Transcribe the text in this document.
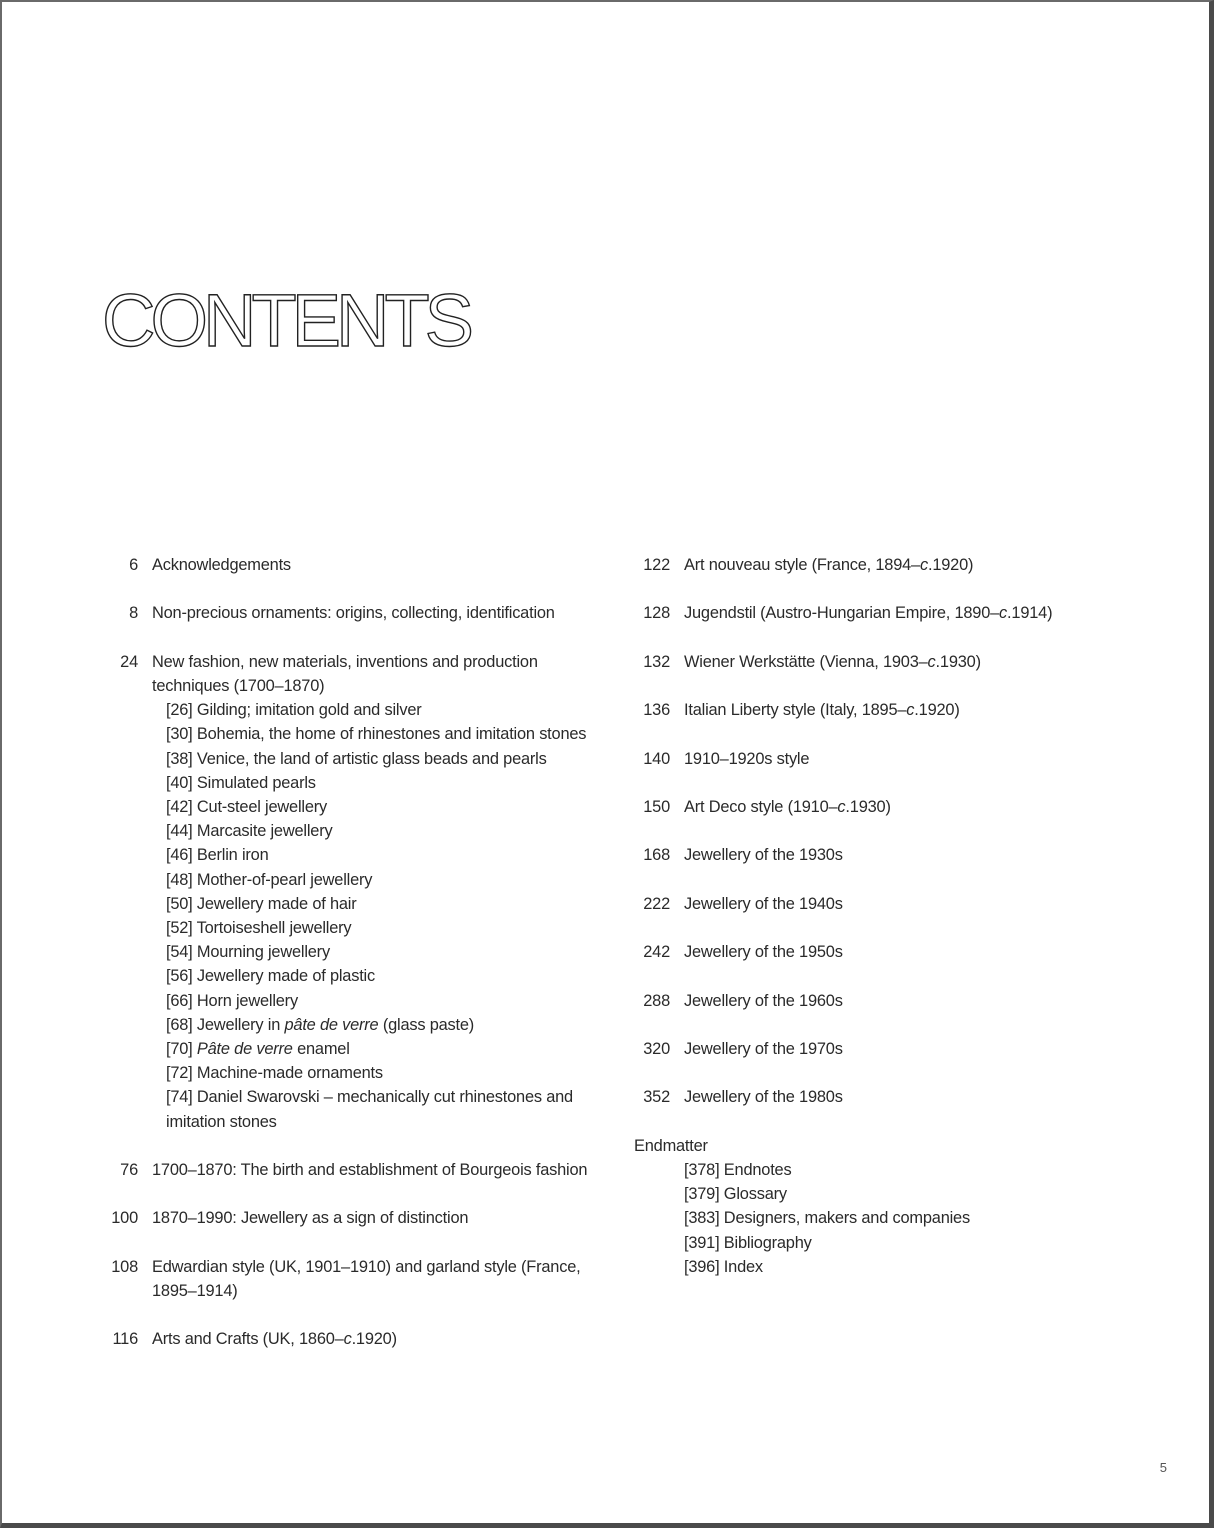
CONTENTS
6 Acknowledgements
8 Non-precious ornaments: origins, collecting, identification
24 New fashion, new materials, inventions and production techniques (1700–1870)
[26] Gilding; imitation gold and silver
[30] Bohemia, the home of rhinestones and imitation stones
[38] Venice, the land of artistic glass beads and pearls
[40] Simulated pearls
[42] Cut-steel jewellery
[44] Marcasite jewellery
[46] Berlin iron
[48] Mother-of-pearl jewellery
[50] Jewellery made of hair
[52] Tortoiseshell jewellery
[54] Mourning jewellery
[56] Jewellery made of plastic
[66] Horn jewellery
[68] Jewellery in pâte de verre (glass paste)
[70] Pâte de verre enamel
[72] Machine-made ornaments
[74] Daniel Swarovski – mechanically cut rhinestones and imitation stones
76 1700–1870: The birth and establishment of Bourgeois fashion
100 1870–1990: Jewellery as a sign of distinction
108 Edwardian style (UK, 1901–1910) and garland style (France, 1895–1914)
116 Arts and Crafts (UK, 1860–c.1920)
122 Art nouveau style (France, 1894–c.1920)
128 Jugendstil (Austro-Hungarian Empire, 1890–c.1914)
132 Wiener Werkstätte (Vienna, 1903–c.1930)
136 Italian Liberty style (Italy, 1895–c.1920)
140 1910–1920s style
150 Art Deco style (1910–c.1930)
168 Jewellery of the 1930s
222 Jewellery of the 1940s
242 Jewellery of the 1950s
288 Jewellery of the 1960s
320 Jewellery of the 1970s
352 Jewellery of the 1980s
Endmatter
[378] Endnotes
[379] Glossary
[383] Designers, makers and companies
[391] Bibliography
[396] Index
5
